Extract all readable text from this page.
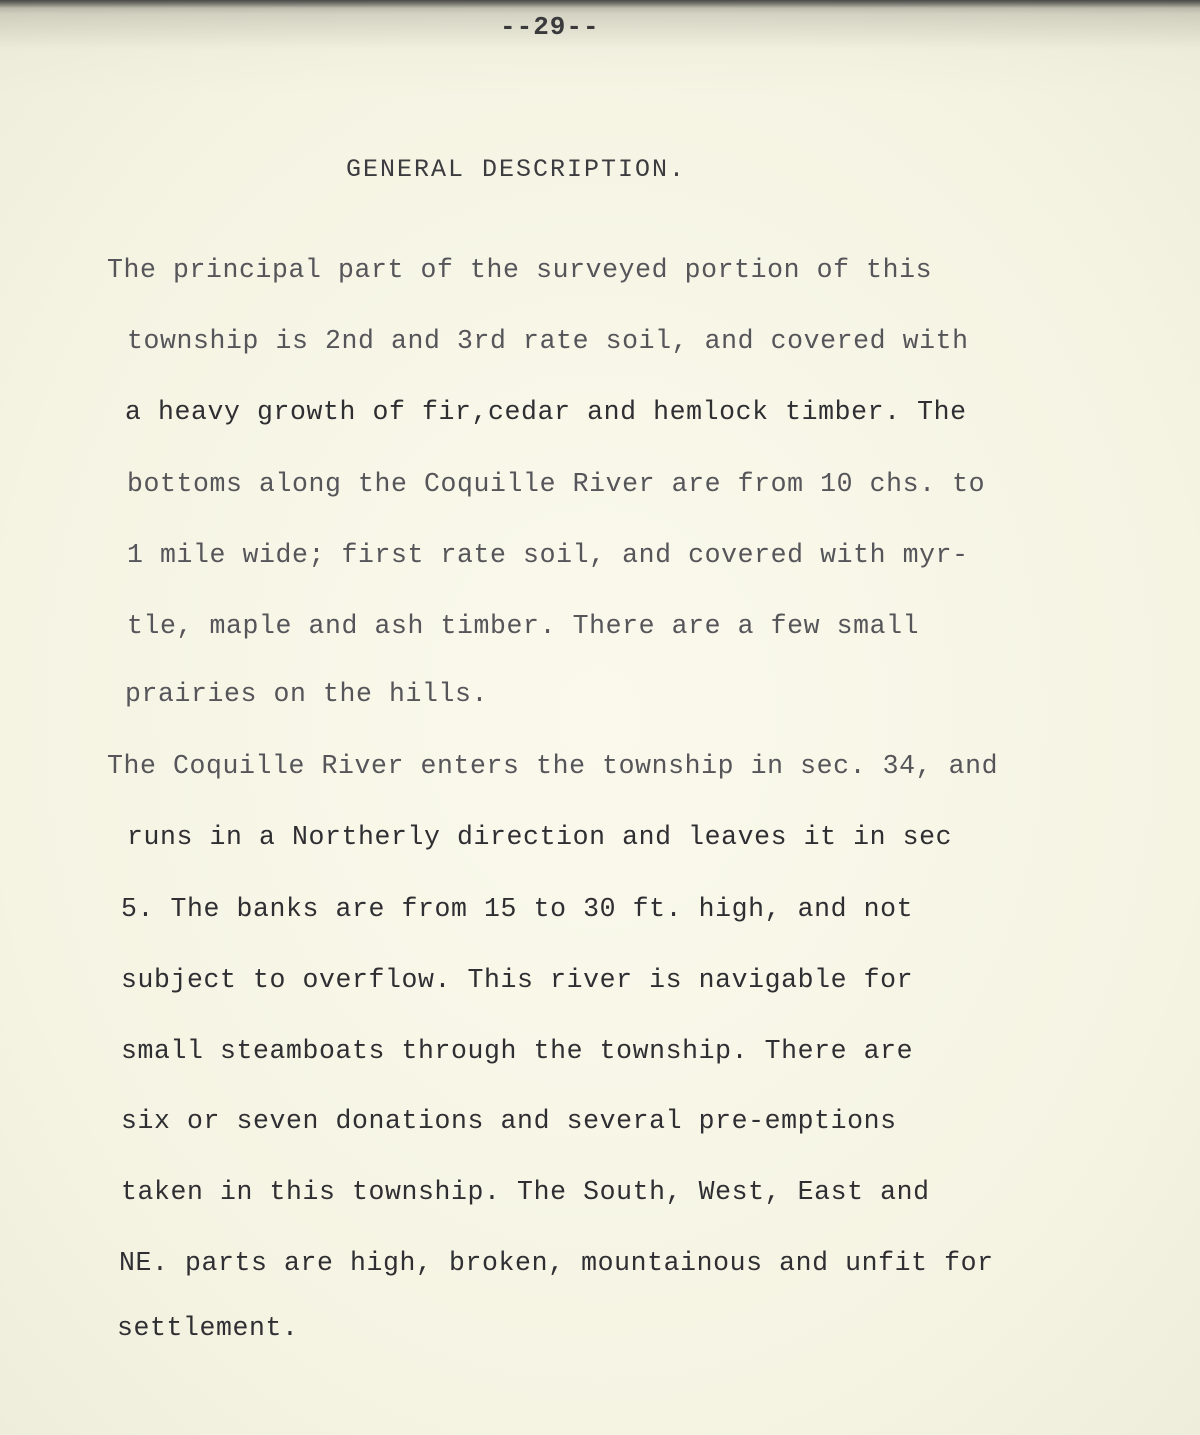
--29--
GENERAL DESCRIPTION.
The principal part of the surveyed portion of this
township is 2nd and 3rd rate soil, and covered with
a heavy growth of fir,cedar and hemlock timber. The
bottoms along the Coquille River are from 10 chs. to
1 mile wide; first rate soil, and covered with myr-
tle, maple and ash timber. There are a few small
prairies on the hills.
The Coquille River enters the township in sec. 34, and
runs in a Northerly direction and leaves it in sec
5. The banks are from 15 to 30 ft. high, and not
subject to overflow. This river is navigable for
small steamboats through the township. There are
six or seven donations and several pre-emptions
taken in this township. The South, West, East and
NE. parts are high, broken, mountainous and unfit for
settlement.
